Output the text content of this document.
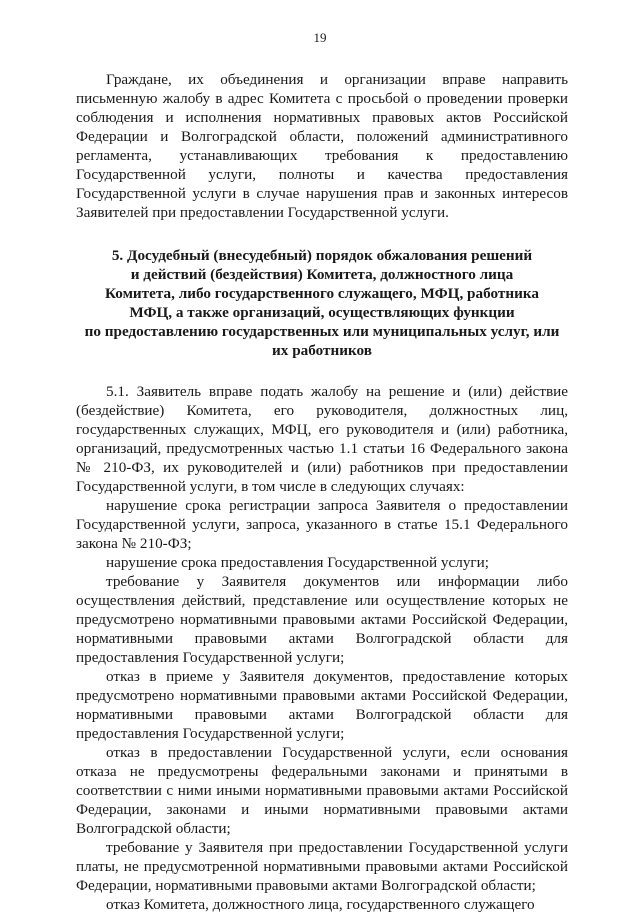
19

Граждане, их объединения и организации вправе направить письменную жалобу в адрес Комитета с просьбой о проведении проверки соблюдения и исполнения нормативных правовых актов Российской Федерации и Волгоградской области, положений административного регламента, устанавливающих требования к предоставлению Государственной услуги, полноты и качества предоставления Государственной услуги в случае нарушения прав и законных интересов Заявителей при предоставлении Государственной услуги.

5. Досудебный (внесудебный) порядок обжалования решений
и действий (бездействия) Комитета, должностного лица
Комитета, либо государственного служащего, МФЦ, работника
МФЦ, а также организаций, осуществляющих функции
по предоставлению государственных или муниципальных услуг, или
их работников

5.1. Заявитель вправе подать жалобу на решение и (или) действие (бездействие) Комитета, его руководителя, должностных лиц, государственных служащих, МФЦ, его руководителя и (или) работника, организаций, предусмотренных частью 1.1 статьи 16 Федерального закона № 210-ФЗ, их руководителей и (или) работников при предоставлении Государственной услуги, в том числе в следующих случаях:

нарушение срока регистрации запроса Заявителя о предоставлении Государственной услуги, запроса, указанного в статье 15.1 Федерального закона № 210-ФЗ;

нарушение срока предоставления Государственной услуги;

требование у Заявителя документов или информации либо осуществления действий, представление или осуществление которых не предусмотрено нормативными правовыми актами Российской Федерации, нормативными правовыми актами Волгоградской области для предоставления Государственной услуги;

отказ в приеме у Заявителя документов, предоставление которых предусмотрено нормативными правовыми актами Российской Федерации, нормативными правовыми актами Волгоградской области для предоставления Государственной услуги;

отказ в предоставлении Государственной услуги, если основания отказа не предусмотрены федеральными законами и принятыми в соответствии с ними иными нормативными правовыми актами Российской Федерации, законами и иными нормативными правовыми актами Волгоградской области;

требование у Заявителя при предоставлении Государственной услуги платы, не предусмотренной нормативными правовыми актами Российской Федерации, нормативными правовыми актами Волгоградской области;

отказ Комитета, должностного лица, государственного служащего
